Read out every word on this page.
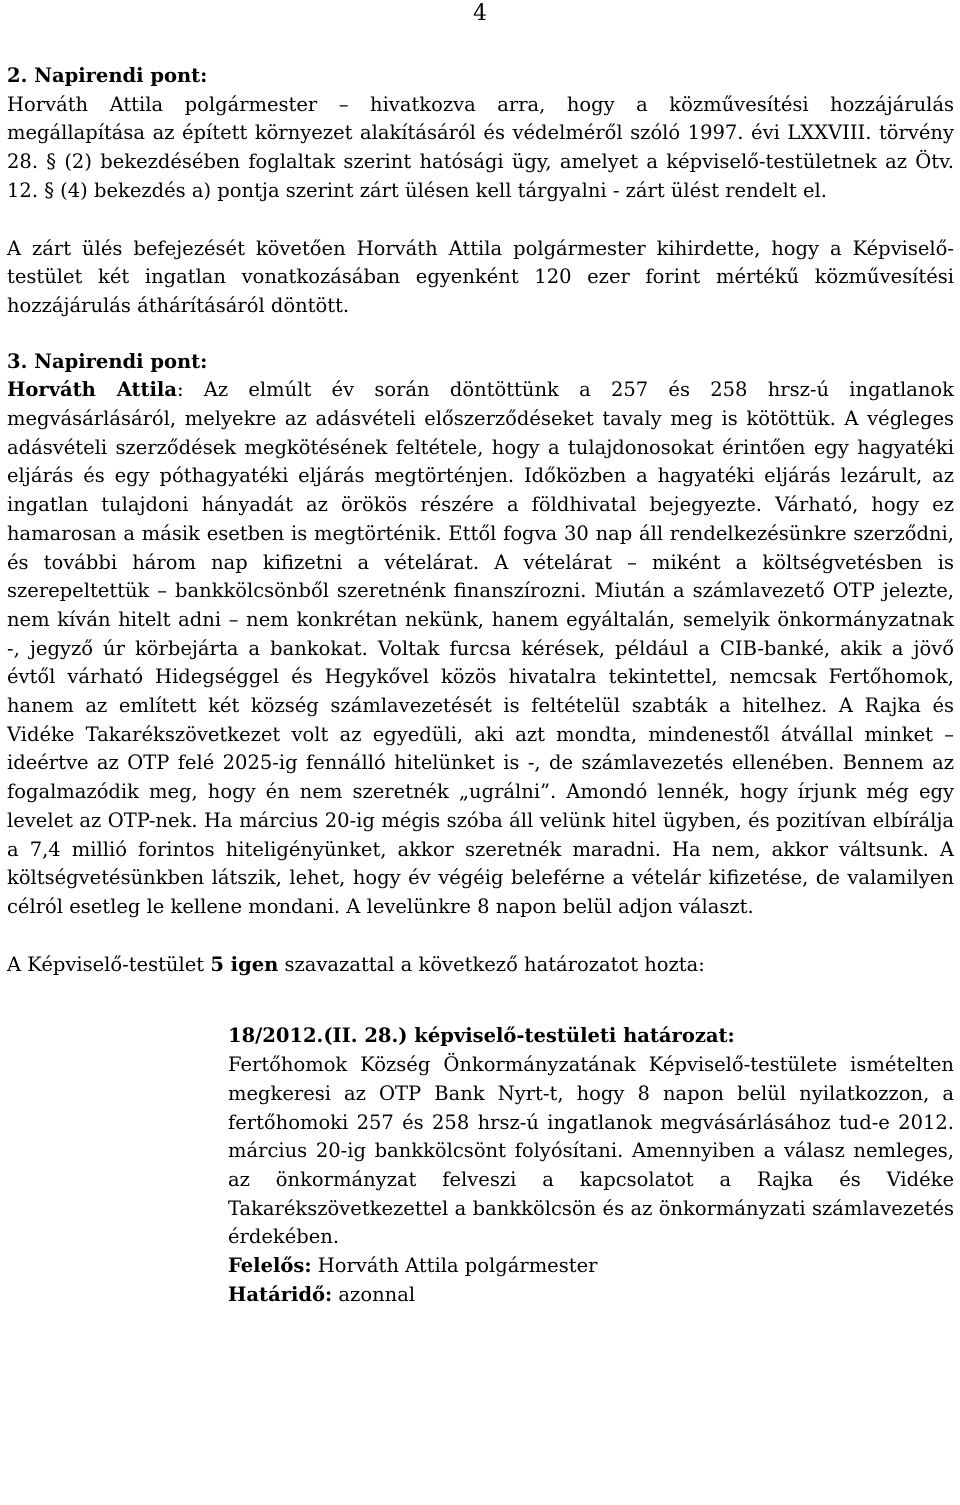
4

2. Napirendi pont:

Horváth Attila polgármester – hivatkozva arra, hogy a közművesítési hozzájárulás megállapítása az épített környezet alakításáról és védelméről szóló 1997. évi LXXVIII. törvény 28. § (2) bekezdésében foglaltak szerint hatósági ügy, amelyet a képviselő-testületnek az Ötv. 12. § (4) bekezdés a) pontja szerint zárt ülésen kell tárgyalni - zárt ülést rendelt el.

A zárt ülés befejezését követően Horváth Attila polgármester kihirdette, hogy a Képviselő-testület két ingatlan vonatkozásában egyenként 120 ezer forint mértékű közművesítési hozzájárulás áthárításáról döntött.

3. Napirendi pont:

Horváth Attila: Az elmúlt év során döntöttünk a 257 és 258 hrsz-ú ingatlanok megvásárlásáról, melyekre az adásvételi előszerződéseket tavaly meg is kötöttük. A végleges adásvételi szerződések megkötésének feltétele, hogy a tulajdonosokat érintően egy hagyatéki eljárás és egy póthagyatéki eljárás megtörténjen. Időközben a hagyatéki eljárás lezárult, az ingatlan tulajdoni hányadát az örökös részére a földhivatal bejegyezte. Várható, hogy ez hamarosan a másik esetben is megtörténik. Ettől fogva 30 nap áll rendelkezésünkre szerződni, és további három nap kifizetni a vételárat. A vételárat – miként a költségvetésben is szerepeltettük – bankkölcsönből szeretnénk finanszírozni. Miután a számlavezető OTP jelezte, nem kíván hitelt adni – nem konkrétan nekünk, hanem egyáltalán, semelyik önkormányzatnak -, jegyző úr körbejárta a bankokat. Voltak furcsa kérések, például a CIB-banké, akik a jövő évtől várható Hidegséggel és Hegykővel közös hivatalra tekintettel, nemcsak Fertőhomok, hanem az említett két község számlavezetését is feltételül szabták a hitelhez. A Rajka és Vidéke Takarékszövetkezet volt az egyedüli, aki azt mondta, mindenestől átvállal minket – ideértve az OTP felé 2025-ig fennálló hitelünket is -, de számlavezetés ellenében. Bennem az fogalmazódik meg, hogy én nem szeretnék „ugrálni”. Amondó lennék, hogy írjunk még egy levelet az OTP-nek. Ha március 20-ig mégis szóba áll velünk hitel ügyben, és pozitívan elbírálja a 7,4 millió forintos hiteligényünket, akkor szeretnék maradni. Ha nem, akkor váltsunk. A költségvetésünkben látszik, lehet, hogy év végéig beleférne a vételár kifizetése, de valamilyen célról esetleg le kellene mondani. A levelünkre 8 napon belül adjon választ.

A Képviselő-testület 5 igen szavazattal a következő határozatot hozta:

18/2012.(II. 28.) képviselő-testületi határozat:

Fertőhomok Község Önkormányzatának Képviselő-testülete ismételten megkeresi az OTP Bank Nyrt-t, hogy 8 napon belül nyilatkozzon, a fertőhomoki 257 és 258 hrsz-ú ingatlanok megvásárlásához tud-e 2012. március 20-ig bankkölcsönt folyósítani. Amennyiben a válasz nemleges, az önkormányzat felveszi a kapcsolatot a Rajka és Vidéke Takarékszövetkezettel a bankkölcsön és az önkormányzati számlavezetés érdekében.

Felelős: Horváth Attila polgármester

Határidő: azonnal
